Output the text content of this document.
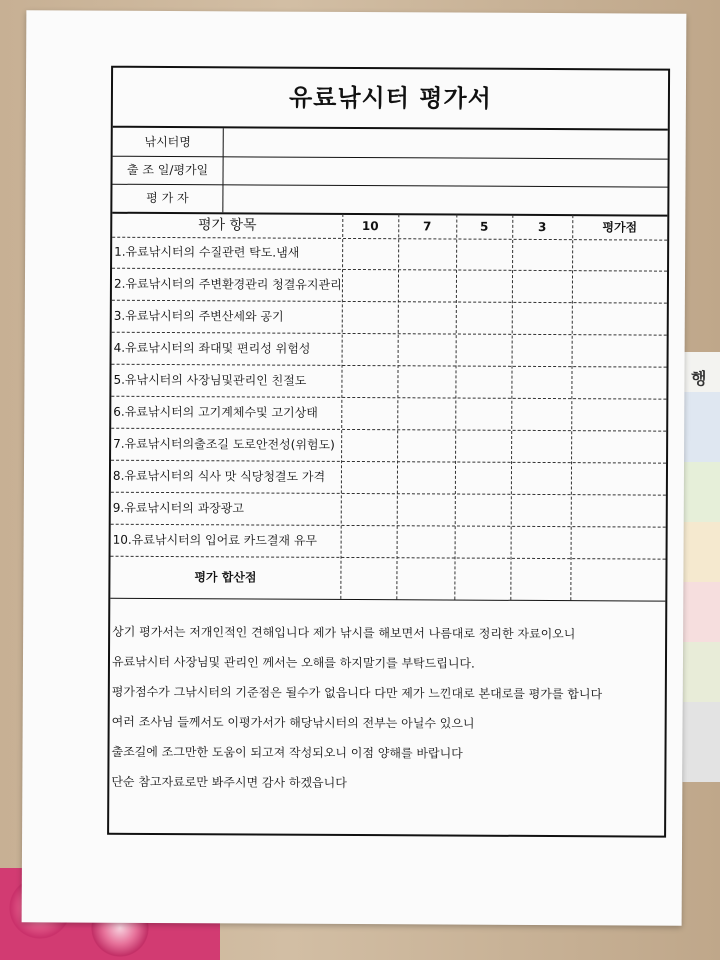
행
유료낚시터 평가서
낚시터명
출 조 일/평가일
평 가 자
평가 항목	10	7	5	3	평가점
1.유료낚시터의 수질관련 탁도.냄새
2.유료낚시터의 주변환경관리 청결유지관리
3.유료낚시터의 주변산세와 공기
4.유료낚시터의 좌대및 편리성 위험성
5.유낚시터의 사장님및관리인 친절도
6.유료낚시터의 고기계체수및 고기상태
7.유료낚시터의출조길 도로안전성(위험도)
8.유료낚시터의 식사 맛 식당청결도 가격
9.유료낚시터의 과장광고
10.유료낚시터의 입어료 카드결재 유무
평가 합산점
상기 평가서는 저개인적인 견해입니다 제가 낚시를 해보면서 나름대로 정리한 자료이오니
유료낚시터 사장님및 관리인 께서는 오해를 하지말기를 부탁드립니다.
평가점수가 그낚시터의 기준점은 될수가 없읍니다 다만 제가 느낀대로 본대로를 평가를 합니다
여러 조사님 들께서도 이평가서가 해당낚시터의 전부는 아닐수 있으니
출조길에 조그만한 도움이 되고져 작성되오니 이점 양해를 바랍니다
단순 참고자료로만 봐주시면 감사 하겠읍니다
